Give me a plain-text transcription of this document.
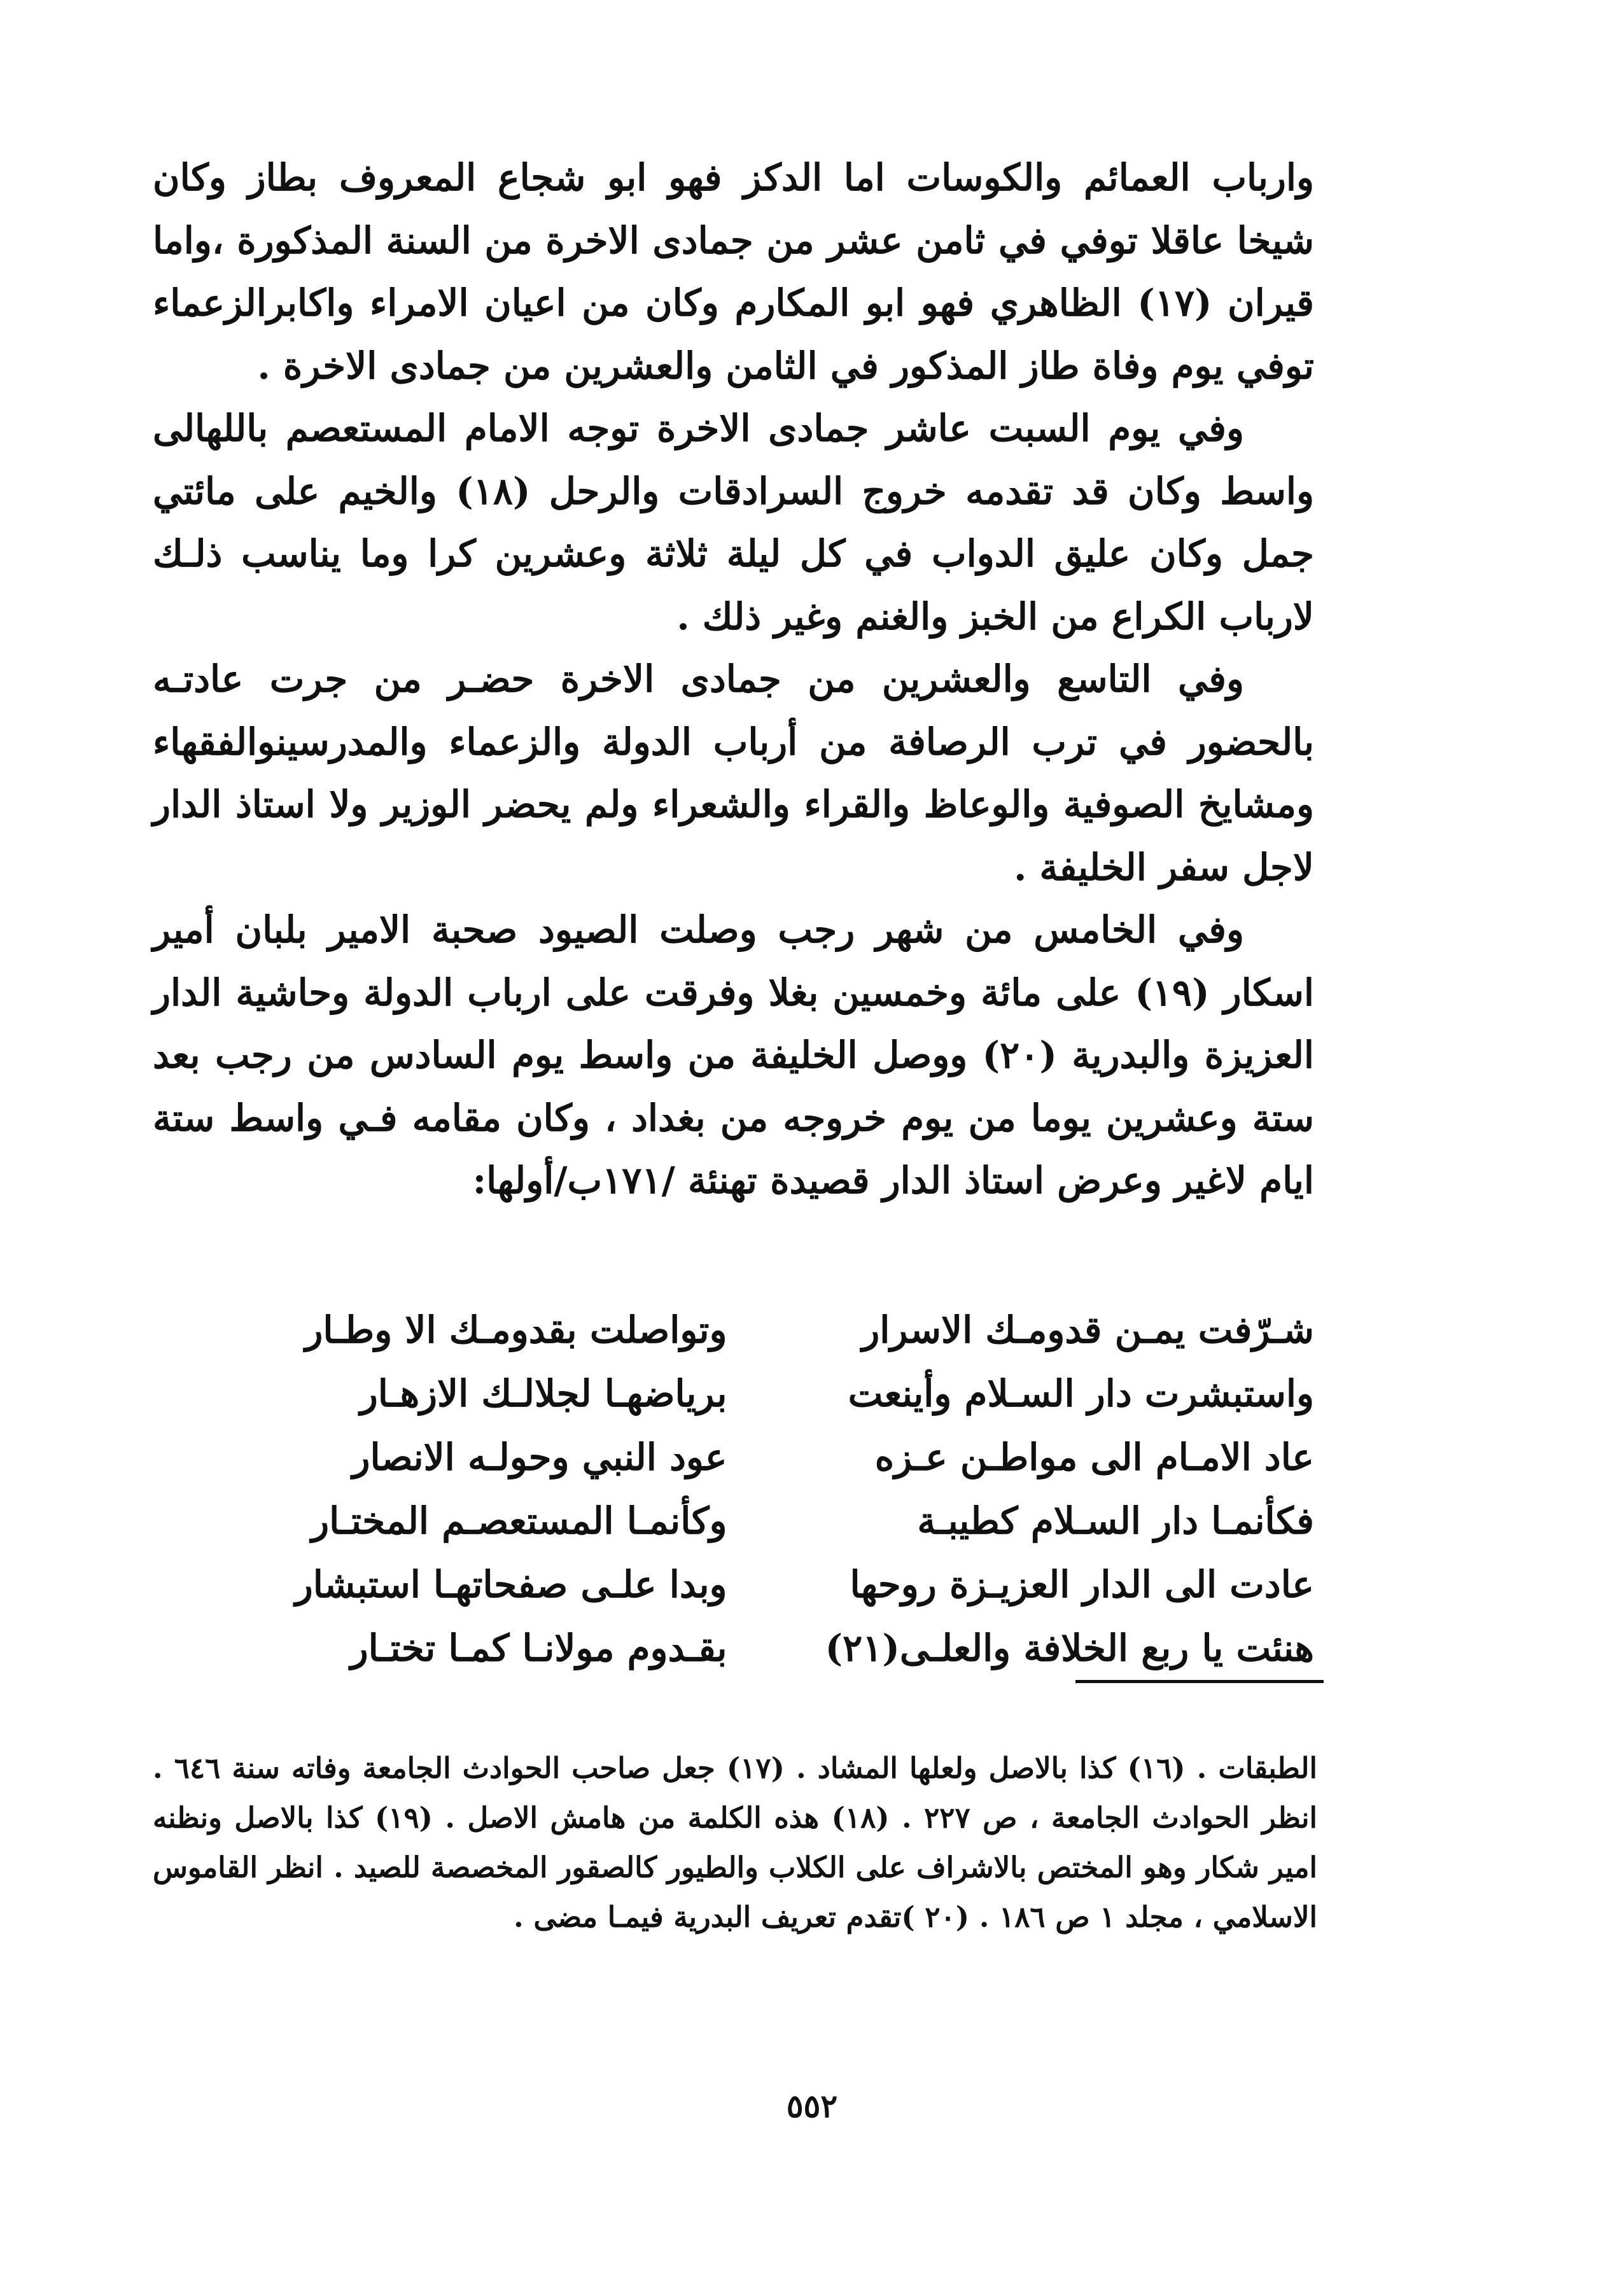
وارباب العمائم والكوسات اما الدكز فهو ابو شجاع المعروف بطاز وكان شيخا عاقلا توفي في ثامن عشر من جمادى الاخرة من السنة المذكورة ،واما قيران (١٧) الظاهري فهو ابو المكارم وكان من اعيان الامراء واكابرالزعماء توفي يوم وفاة طاز المذكور في الثامن والعشرين من جمادى الاخرة .

وفي يوم السبت عاشر جمادى الاخرة توجه الامام المستعصم باللهالى واسط وكان قد تقدمه خروج السرادقات والرحل (١٨) والخيم على مائتي جمل وكان عليق الدواب في كل ليلة ثلاثة وعشرين كرا وما يناسب ذلـك لارباب الكراع من الخبز والغنم وغير ذلك .

وفي التاسع والعشرين من جمادى الاخرة حضـر من جرت عادتـه بالحضور في ترب الرصافة من أرباب الدولة والزعماء والمدرسينوالفقهاء ومشايخ الصوفية والوعاظ والقراء والشعراء ولم يحضر الوزير ولا استاذ الدار لاجل سفر الخليفة .

وفي الخامس من شهر رجب وصلت الصيود صحبة الامير بلبان أمير اسكار (١٩) على مائة وخمسين بغلا وفرقت على ارباب الدولة وحاشية الدار العزيزة والبدرية (٢٠) ووصل الخليفة من واسط يوم السادس من رجب بعد ستة وعشرين يوما من يوم خروجه من بغداد ، وكان مقامه فـي واسط ستة ايام لاغير وعرض استاذ الدار قصيدة تهنئة /١٧١ب/أولها:

شـرّفت يمـن قدومـك الاسرار
وتواصلت بقدومـك الا وطـار
واستبشرت دار السـلام وأينعت
برياضهـا لجلالـك الازهـار
عاد الامـام الى مواطـن عـزه
عود النبي وحولـه الانصار
فكأنمـا دار السـلام كطيبـة
وكأنمـا المستعصـم المختـار
عادت الى الدار العزيـزة روحها
وبدا علـى صفحاتهـا استبشار
هنئت يا ربع الخلافة والعلـى(٢١)
بقـدوم مولانـا كمـا تختـار
الطبقات . (١٦) كذا بالاصل ولعلها المشاد . (١٧) جعل صاحب الحوادث الجامعة وفاته سنة ٦٤٦ . انظر الحوادث الجامعة ، ص ٢٢٧ . (١٨) هذه الكلمة من هامش الاصل . (١٩) كذا بالاصل ونظنه امير شكار وهو المختص بالاشراف على الكلاب والطيور كالصقور المخصصة للصيد . انظر القاموس الاسلامي ، مجلد ١ ص ١٨٦ . (٢٠ )تقدم تعريف البدرية فيمـا مضى .
٥٥٢
